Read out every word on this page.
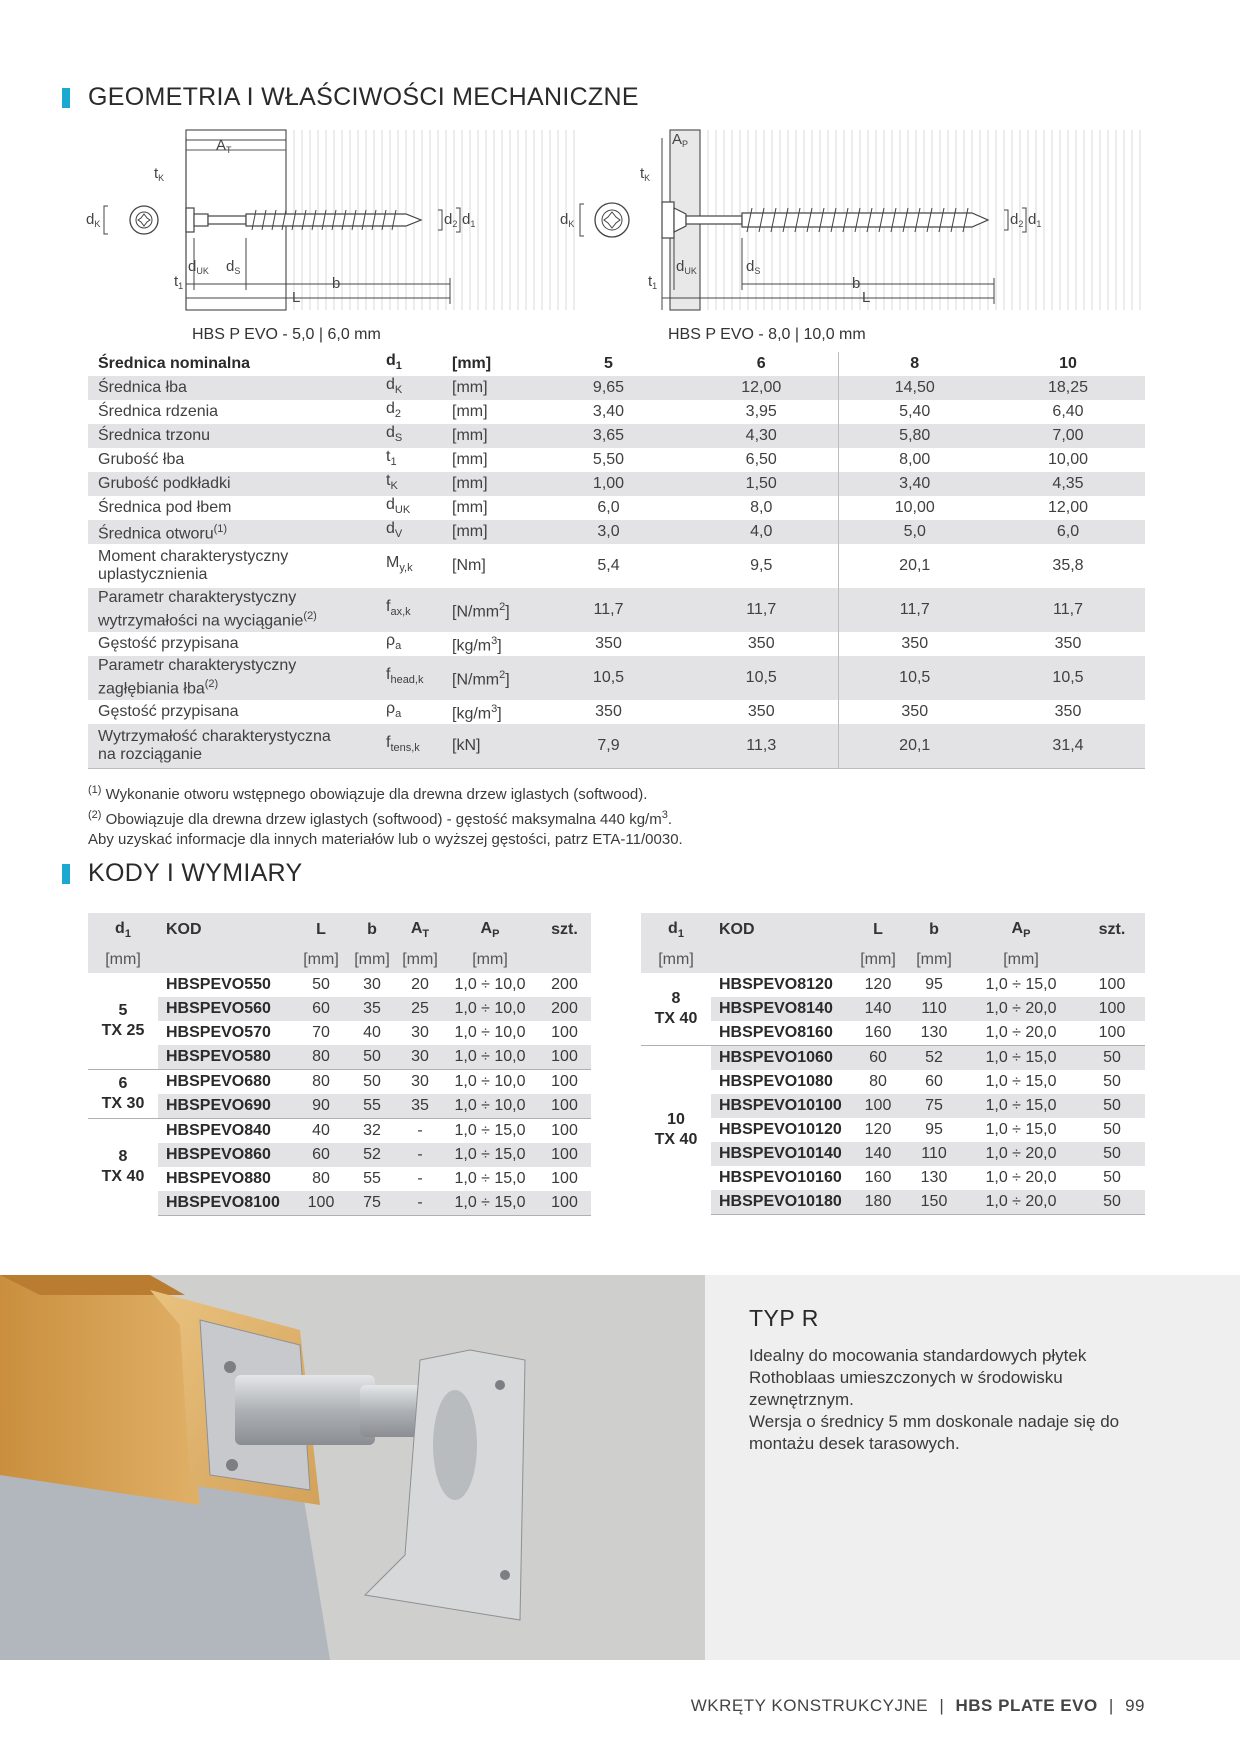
GEOMETRIA I WŁAŚCIWOŚCI MECHANICZNE
$A_T$
$t_K$
$d_K$
$d_{UK}$ $d_S$
$t_1$	b
L
$d_2$ $d_1$
HBS P EVO - 5,0 | 6,0 mm
$A_P$
$t_K$
$d_K$
$d_{UK}$	$d_S$
$t_1$	b
L
$d_2$ $d_1$
HBS P EVO - 8,0 | 10,0 mm
Średnica nominalna	$d_1$	[mm]	5	6	8	10
Średnica łba	$d_K$	[mm]	9,65	12,00	14,50	18,25
Średnica rdzenia	$d_2$	[mm]	3,40	3,95	5,40	6,40
Średnica trzonu	$d_S$	[mm]	3,65	4,30	5,80	7,00
Grubość łba	$t_1$	[mm]	5,50	6,50	8,00	10,00
Grubość podkładki	$t_K$	[mm]	1,00	1,50	3,40	4,35
Średnica pod łbem	$d_{UK}$	[mm]	6,0	8,0	10,00	12,00
Średnica otworu$^{(1)}$	$d_V$	[mm]	3,0	4,0	5,0	6,0
Moment charakterystyczny
uplastycznienia	$M_{y,k}$	[Nm]	5,4	9,5	20,1	35,8
Parametr charakterystyczny
wytrzymałości na wyciąganie$^{(2)}$	$f_{ax,k}$	$[N/mm^2]$	11,7	11,7	11,7	11,7
Gęstość przypisana	$\rho_a$	$[kg/m^3]$	350	350	350	350
Parametr charakterystyczny
zagłębiania łba$^{(2)}$	$f_{head,k}$	$[N/mm^2]$	10,5	10,5	10,5	10,5
Gęstość przypisana	$\rho_a$	$[kg/m^3]$	350	350	350	350
Wytrzymałość charakterystyczna
na rozciąganie	$f_{tens,k}$	[kN]	7,9	11,3	20,1	31,4
$^{(1)}$ Wykonanie otworu wstępnego obowiązuje dla drewna drzew iglastych (softwood).
$^{(2)}$ Obowiązuje dla drewna drzew iglastych (softwood) - gęstość maksymalna 440 $kg/m^3$.
Aby uzyskać informacje dla innych materiałów lub o wyższej gęstości, patrz ETA-11/0030.
KODY I WYMIARY
$d_1$	KOD	L	b	$A_T$	$A_P$	szt.
[mm]		[mm]	[mm]	[mm]	[mm]	
5
TX 25	HBSPEVO550	50	30	20	1,0 ÷ 10,0	200
	HBSPEVO560	60	35	25	1,0 ÷ 10,0	200
	HBSPEVO570	70	40	30	1,0 ÷ 10,0	100
	HBSPEVO580	80	50	30	1,0 ÷ 10,0	100
6
TX 30	HBSPEVO680	80	50	30	1,0 ÷ 10,0	100
	HBSPEVO690	90	55	35	1,0 ÷ 10,0	100
8
TX 40	HBSPEVO840	40	32	-	1,0 ÷ 15,0	100
	HBSPEVO860	60	52	-	1,0 ÷ 15,0	100
	HBSPEVO880	80	55	-	1,0 ÷ 15,0	100
	HBSPEVO8100	100	75	-	1,0 ÷ 15,0	100
$d_1$	KOD	L	b	$A_P$	szt.
[mm]		[mm]	[mm]	[mm]	
8
TX 40	HBSPEVO8120	120	95	1,0 ÷ 15,0	100
	HBSPEVO8140	140	110	1,0 ÷ 20,0	100
	HBSPEVO8160	160	130	1,0 ÷ 20,0	100
10
TX 40	HBSPEVO1060	60	52	1,0 ÷ 15,0	50
	HBSPEVO1080	80	60	1,0 ÷ 15,0	50
	HBSPEVO10100	100	75	1,0 ÷ 15,0	50
	HBSPEVO10120	120	95	1,0 ÷ 15,0	50
	HBSPEVO10140	140	110	1,0 ÷ 20,0	50
	HBSPEVO10160	160	130	1,0 ÷ 20,0	50
	HBSPEVO10180	180	150	1,0 ÷ 20,0	50
TYP R
Idealny do mocowania standardowych płytek Rothoblaas umieszczonych w środowisku zewnętrznym.
Wersja o średnicy 5 mm doskonale nadaje się do montażu desek tarasowych.
WKRĘTY KONSTRUKCYJNE | HBS PLATE EVO | 99
